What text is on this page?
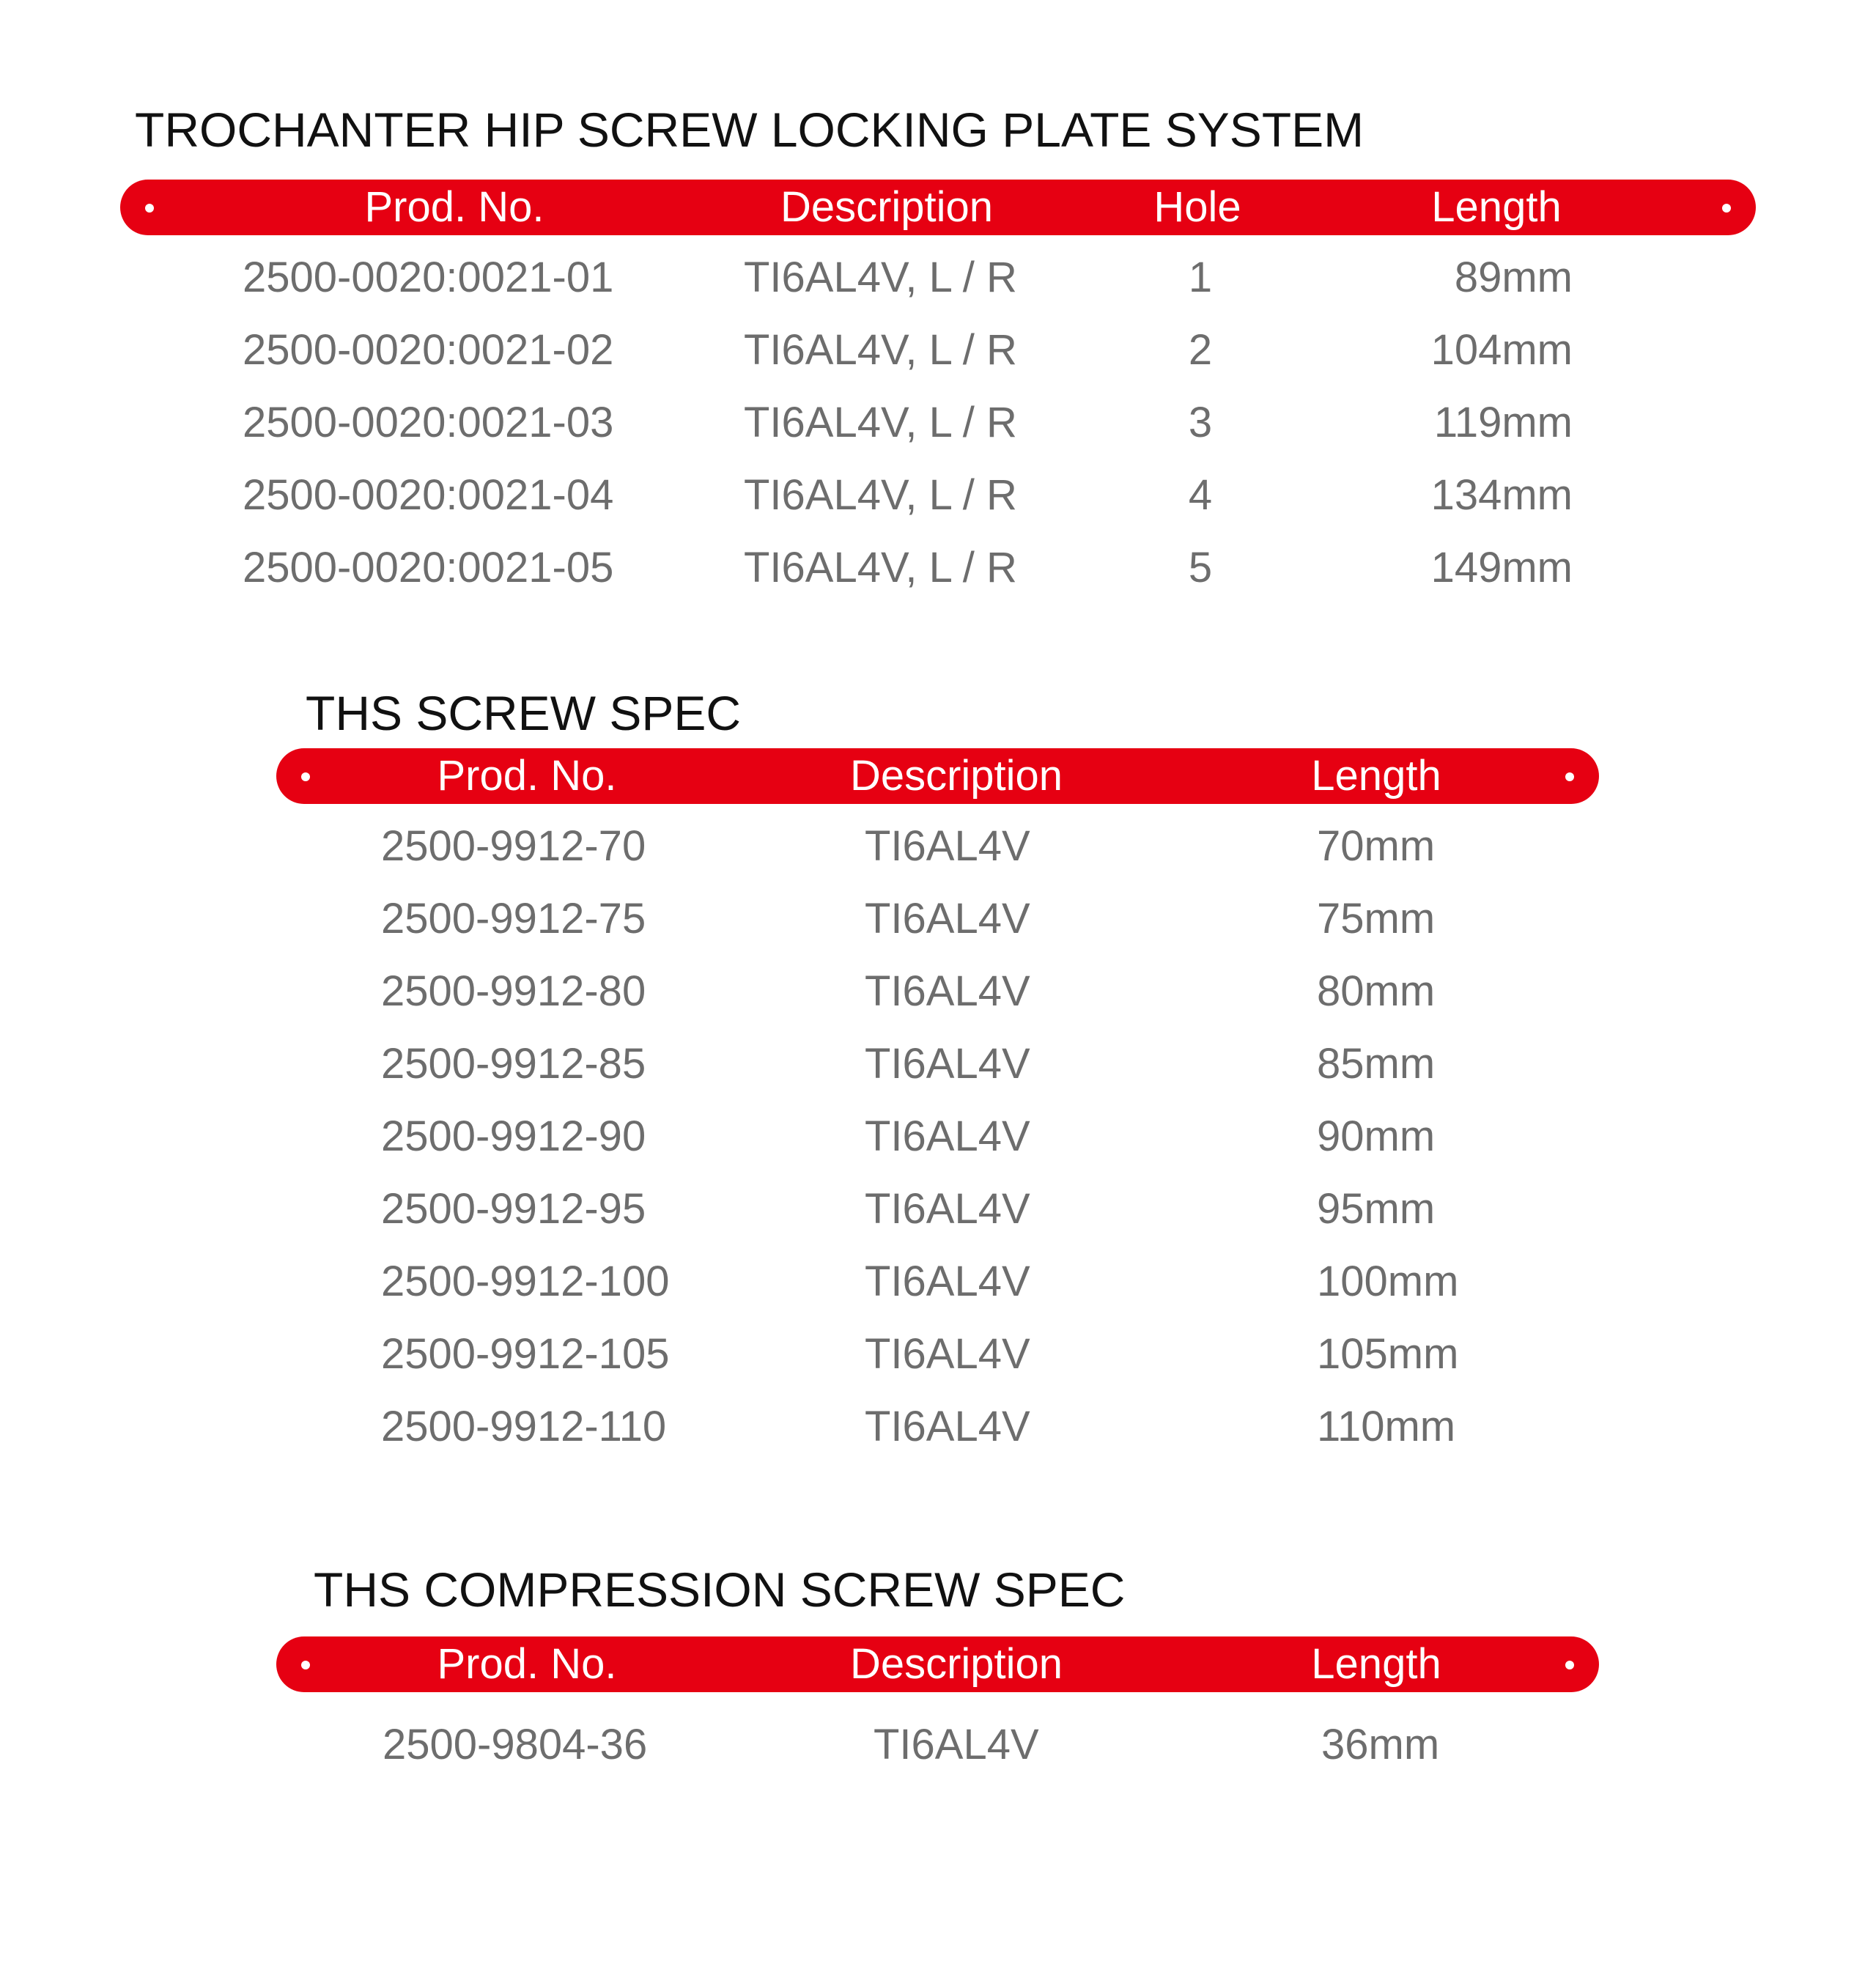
TROCHANTER HIP SCREW LOCKING PLATE SYSTEM
Prod. No.	Description	Hole	Length
2500-0020:0021-01	TI6AL4V, L / R	1	89mm
2500-0020:0021-02	TI6AL4V, L / R	2	104mm
2500-0020:0021-03	TI6AL4V, L / R	3	119mm
2500-0020:0021-04	TI6AL4V, L / R	4	134mm
2500-0020:0021-05	TI6AL4V, L / R	5	149mm
THS SCREW SPEC
Prod. No.	Description	Length
2500-9912-70	TI6AL4V	70mm
2500-9912-75	TI6AL4V	75mm
2500-9912-80	TI6AL4V	80mm
2500-9912-85	TI6AL4V	85mm
2500-9912-90	TI6AL4V	90mm
2500-9912-95	TI6AL4V	95mm
2500-9912-100	TI6AL4V	100mm
2500-9912-105	TI6AL4V	105mm
2500-9912-110	TI6AL4V	110mm
THS COMPRESSION SCREW SPEC
Prod. No.	Description	Length
2500-9804-36	TI6AL4V	36mm
